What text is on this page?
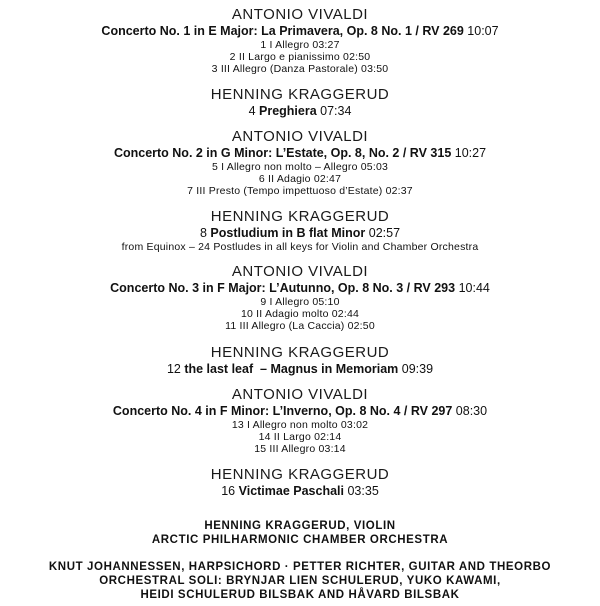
ANTONIO VIVALDI
Concerto No. 1 in E Major: La Primavera, Op. 8 No. 1 / RV 269 10:07
1 I Allegro 03:27
2 II Largo e pianissimo 02:50
3 III Allegro (Danza Pastorale) 03:50
HENNING KRAGGERUD
4 Preghiera 07:34
ANTONIO VIVALDI
Concerto No. 2 in G Minor: L’Estate, Op. 8, No. 2 / RV 315 10:27
5 I Allegro non molto – Allegro 05:03
6 II Adagio 02:47
7 III Presto (Tempo impettuoso d’Estate) 02:37
HENNING KRAGGERUD
8 Postludium in B flat Minor 02:57
from Equinox – 24 Postludes in all keys for Violin and Chamber Orchestra
ANTONIO VIVALDI
Concerto No. 3 in F Major: L’Autunno, Op. 8 No. 3 / RV 293 10:44
9 I Allegro 05:10
10 II Adagio molto 02:44
11 III Allegro (La Caccia) 02:50
HENNING KRAGGERUD
12 the last leaf  – Magnus in Memoriam 09:39
ANTONIO VIVALDI
Concerto No. 4 in F Minor: L’Inverno, Op. 8 No. 4 / RV 297 08:30
13 I Allegro non molto 03:02
14 II Largo 02:14
15 III Allegro 03:14
HENNING KRAGGERUD
16 Victimae Paschali 03:35
HENNING KRAGGERUD, VIOLIN
ARCTIC PHILHARMONIC CHAMBER ORCHESTRA
KNUT JOHANNESSEN, HARPSICHORD · PETTER RICHTER, GUITAR AND THEORBO
ORCHESTRAL SOLI: BRYNJAR LIEN SCHULERUD, YUKO KAWAMI,
HEIDI SCHULERUD BILSBAK AND HÅVARD BILSBAK
